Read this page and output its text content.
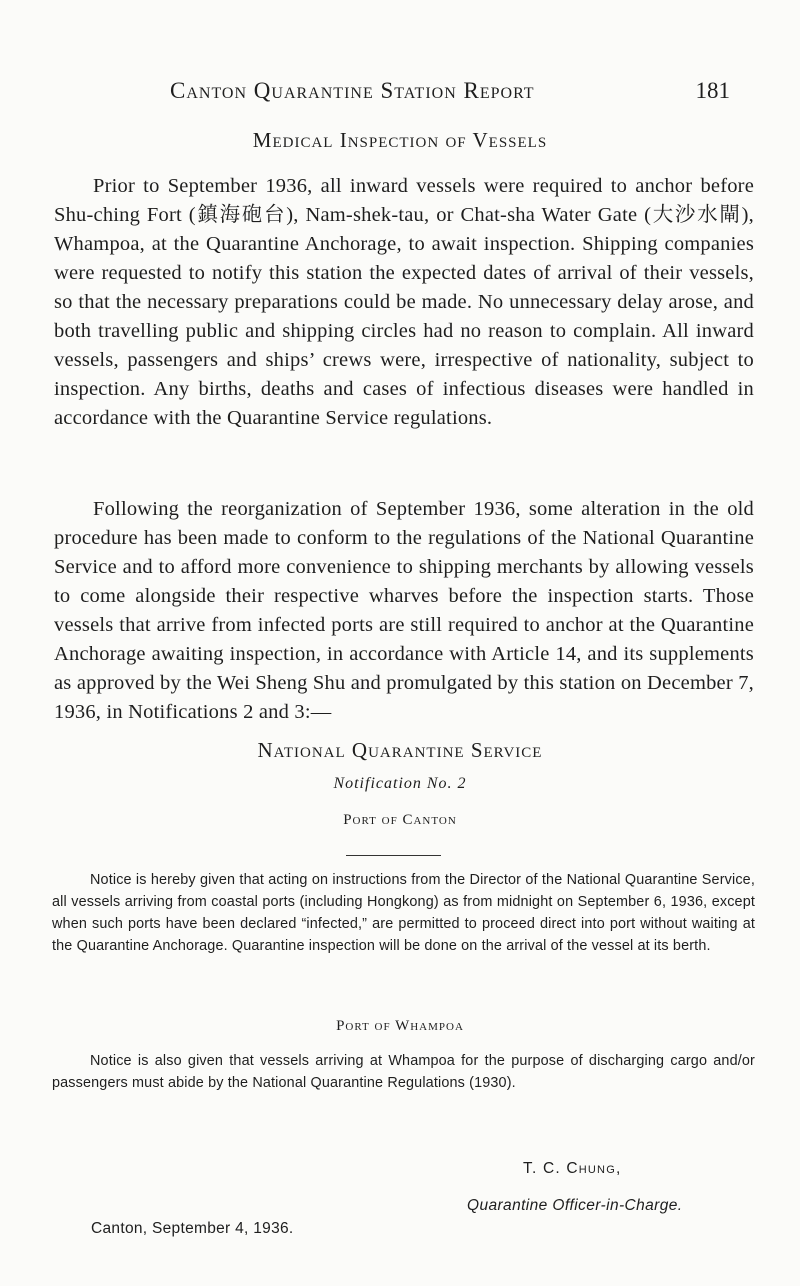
Canton Quarantine Station Report	181
Medical Inspection of Vessels

Prior to September 1936, all inward vessels were required to anchor before Shu-ching Fort (鎮海砲台), Nam-shek-tau, or Chat-sha Water Gate (大沙水閘), Whampoa, at the Quarantine Anchorage, to await inspection. Shipping companies were requested to notify this station the expected dates of arrival of their vessels, so that the necessary preparations could be made. No unnecessary delay arose, and both travelling public and shipping circles had no reason to complain. All inward vessels, passengers and ships’ crews were, irrespective of nationality, subject to inspection. Any births, deaths and cases of infectious diseases were handled in accordance with the Quarantine Service regulations.

Following the reorganization of September 1936, some alteration in the old procedure has been made to conform to the regulations of the National Quarantine Service and to afford more convenience to shipping merchants by allowing vessels to come alongside their respective wharves before the inspection starts. Those vessels that arrive from infected ports are still required to anchor at the Quarantine Anchorage awaiting inspection, in accordance with Article 14, and its supplements as approved by the Wei Sheng Shu and promulgated by this station on December 7, 1936, in Notifications 2 and 3:—

National Quarantine Service
Notification No. 2
Port of Canton

Notice is hereby given that acting on instructions from the Director of the National Quarantine Service, all vessels arriving from coastal ports (including Hongkong) as from midnight on September 6, 1936, except when such ports have been declared “infected,” are permitted to proceed direct into port without waiting at the Quarantine Anchorage. Quarantine inspection will be done on the arrival of the vessel at its berth.

Port of Whampoa

Notice is also given that vessels arriving at Whampoa for the purpose of discharging cargo and/or passengers must abide by the National Quarantine Regulations (1930).

T. C. Chung,
Quarantine Officer-in-Charge.
Canton, September 4, 1936.
